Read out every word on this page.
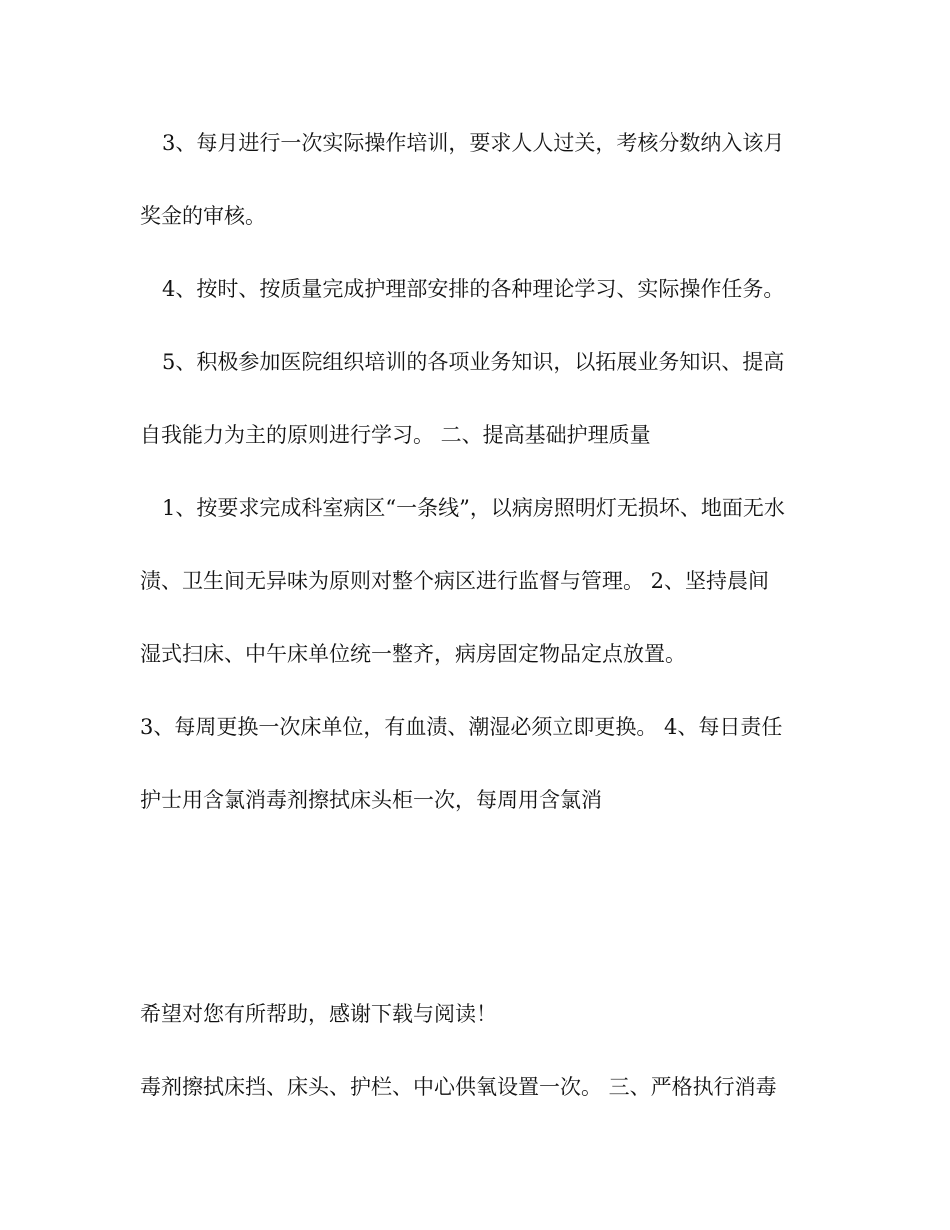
3、每月进行一次实际操作培训，要求人人过关，考核分数纳入该月
奖金的审核。
4、按时、按质量完成护理部安排的各种理论学习、实际操作任务。
5、积极参加医院组织培训的各项业务知识，以拓展业务知识、提高
自我能力为主的原则进行学习。 二、提高基础护理质量
1、按要求完成科室病区“一条线”，以病房照明灯无损坏、地面无水
渍、卫生间无异味为原则对整个病区进行监督与管理。 2、坚持晨间
湿式扫床、中午床单位统一整齐，病房固定物品定点放置。
3、每周更换一次床单位，有血渍、潮湿必须立即更换。 4、每日责任
护士用含氯消毒剂擦拭床头柜一次，每周用含氯消
希望对您有所帮助，感谢下载与阅读！
毒剂擦拭床挡、床头、护栏、中心供氧设置一次。 三、严格执行消毒
